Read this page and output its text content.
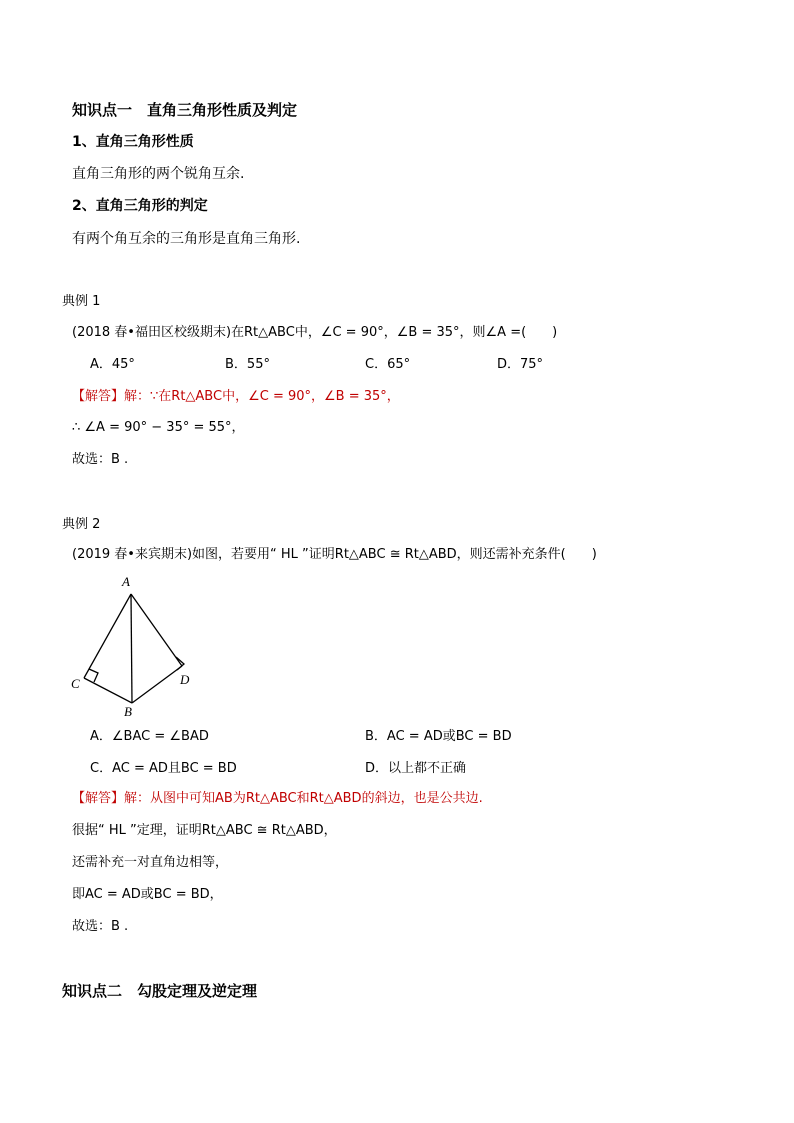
知识点一　直角三角形性质及判定
1、直角三角形性质
直角三角形的两个锐角互余.
2、直角三角形的判定
有两个角互余的三角形是直角三角形.
典例 1
(2018 春•福田区校级期末)在Rt△ABC中，∠C = 90°，∠B = 35°，则∠A =(　　)
A．45°	B．55°	C．65°	D．75°
【解答】解：∵在Rt△ABC中，∠C = 90°，∠B = 35°，
∴ ∠A = 90° − 35° = 55°，
故选：B .
典例 2
(2019 春•来宾期末)如图，若要用“ HL ”证明Rt△ABC ≅ Rt△ABD，则还需补充条件(　　)
A
B
C	D
A．∠BAC = ∠BAD	B．AC = AD或BC = BD
C．AC = AD且BC = BD	D．以上都不正确
【解答】解：从图中可知AB为Rt△ABC和Rt△ABD的斜边，也是公共边.
很据“ HL ”定理，证明Rt△ABC ≅ Rt△ABD，
还需补充一对直角边相等，
即AC = AD或BC = BD，
故选：B .
知识点二　勾股定理及逆定理
